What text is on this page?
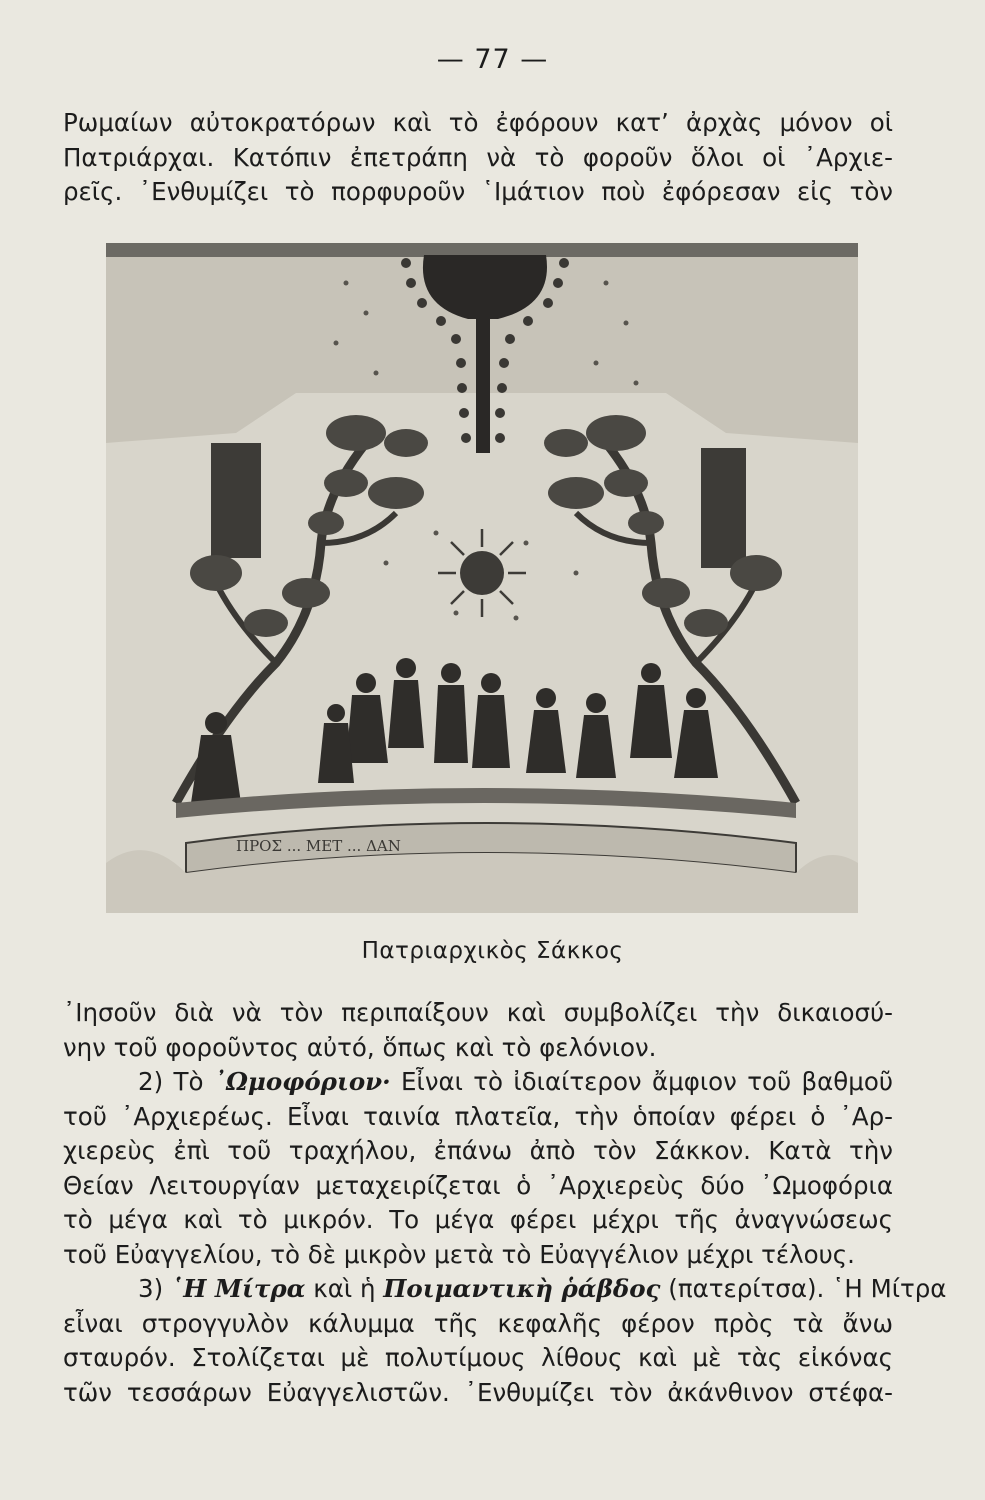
— 77 —
Ρωμαίων αὐτοκρατόρων καὶ τὸ ἐφόρουν κατ’ ἀρχὰς μόνον οἱ
Πατριάρχαι. Κατόπιν ἐπετράπη νὰ τὸ φοροῦν ὅλοι οἱ ᾿Αρχιε-
ρεῖς. ᾿Ενθυμίζει τὸ πορφυροῦν ῾Ιμάτιον ποὺ ἐφόρεσαν εἰς τὸν
ΠΡΟΣ ... ΜΕΤ ... ΔΑΝ
Πατριαρχικὸς Σάκκος
᾿Ιησοῦν διὰ νὰ τὸν περιπαίξουν καὶ συμβολίζει τὴν δικαιοσύ-
νην τοῦ φοροῦντος αὐτό, ὅπως καὶ τὸ φελόνιον.
2) Τὸ ᾿Ωμοφόριον· Εἶναι τὸ ἰδιαίτερον ἄμφιον τοῦ βαθμοῦ
τοῦ ᾿Αρχιερέως. Εἶναι ταινία πλατεῖα, τὴν ὁποίαν φέρει ὁ ᾿Αρ-
χιερεὺς ἐπὶ τοῦ τραχήλου, ἐπάνω ἀπὸ τὸν Σάκκον. Κατὰ τὴν
Θείαν Λειτουργίαν μεταχειρίζεται ὁ ᾿Αρχιερεὺς δύο ᾿Ωμοφόρια
τὸ μέγα καὶ τὸ μικρόν. Το μέγα φέρει μέχρι τῆς ἀναγνώσεως
τοῦ Εὐαγγελίου, τὸ δὲ μικρὸν μετὰ τὸ Εὐαγγέλιον μέχρι τέλους.
3) ῾Η Μίτρα καὶ ἡ Ποιμαντικὴ ῥάβδος (πατερίτσα). ῾Η Μίτρα
εἶναι στρογγυλὸν κάλυμμα τῆς κεφαλῆς φέρον πρὸς τὰ ἄνω
σταυρόν. Στολίζεται μὲ πολυτίμους λίθους καὶ μὲ τὰς εἰκόνας
τῶν τεσσάρων Εὐαγγελιστῶν. ᾿Ενθυμίζει τὸν ἀκάνθινον στέφα-
